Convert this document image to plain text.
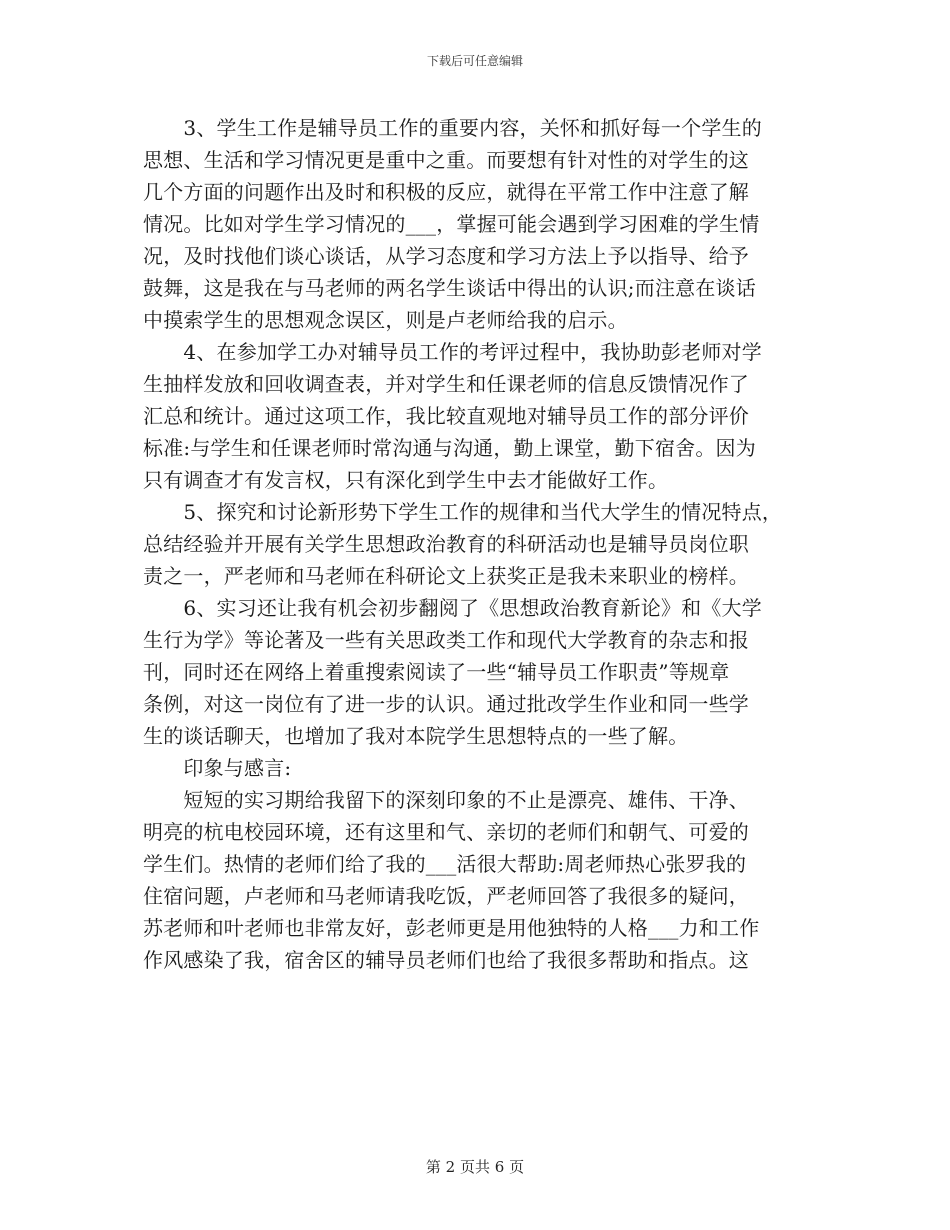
下载后可任意编辑
　　3、学生工作是辅导员工作的重要内容，关怀和抓好每一个学生的
思想、生活和学习情况更是重中之重。而要想有针对性的对学生的这
几个方面的问题作出及时和积极的反应，就得在平常工作中注意了解
情况。比如对学生学习情况的___，掌握可能会遇到学习困难的学生情
况，及时找他们谈心谈话，从学习态度和学习方法上予以指导、给予
鼓舞，这是我在与马老师的两名学生谈话中得出的认识;而注意在谈话
中摸索学生的思想观念误区，则是卢老师给我的启示。
　　4、在参加学工办对辅导员工作的考评过程中，我协助彭老师对学
生抽样发放和回收调查表，并对学生和任课老师的信息反馈情况作了
汇总和统计。通过这项工作，我比较直观地对辅导员工作的部分评价
标准:与学生和任课老师时常沟通与沟通，勤上课堂，勤下宿舍。因为
只有调查才有发言权，只有深化到学生中去才能做好工作。
　　5、探究和讨论新形势下学生工作的规律和当代大学生的情况特点，
总结经验并开展有关学生思想政治教育的科研活动也是辅导员岗位职
责之一，严老师和马老师在科研论文上获奖正是我未来职业的榜样。
　　6、实习还让我有机会初步翻阅了《思想政治教育新论》和《大学
生行为学》等论著及一些有关思政类工作和现代大学教育的杂志和报
刊，同时还在网络上着重搜索阅读了一些“辅导员工作职责”等规章
条例，对这一岗位有了进一步的认识。通过批改学生作业和同一些学
生的谈话聊天，也增加了我对本院学生思想特点的一些了解。
　　印象与感言:
　　短短的实习期给我留下的深刻印象的不止是漂亮、雄伟、干净、
明亮的杭电校园环境，还有这里和气、亲切的老师们和朝气、可爱的
学生们。热情的老师们给了我的___活很大帮助:周老师热心张罗我的
住宿问题，卢老师和马老师请我吃饭，严老师回答了我很多的疑问，
苏老师和叶老师也非常友好，彭老师更是用他独特的人格___力和工作
作风感染了我，宿舍区的辅导员老师们也给了我很多帮助和指点。这
第 2 页共 6 页
